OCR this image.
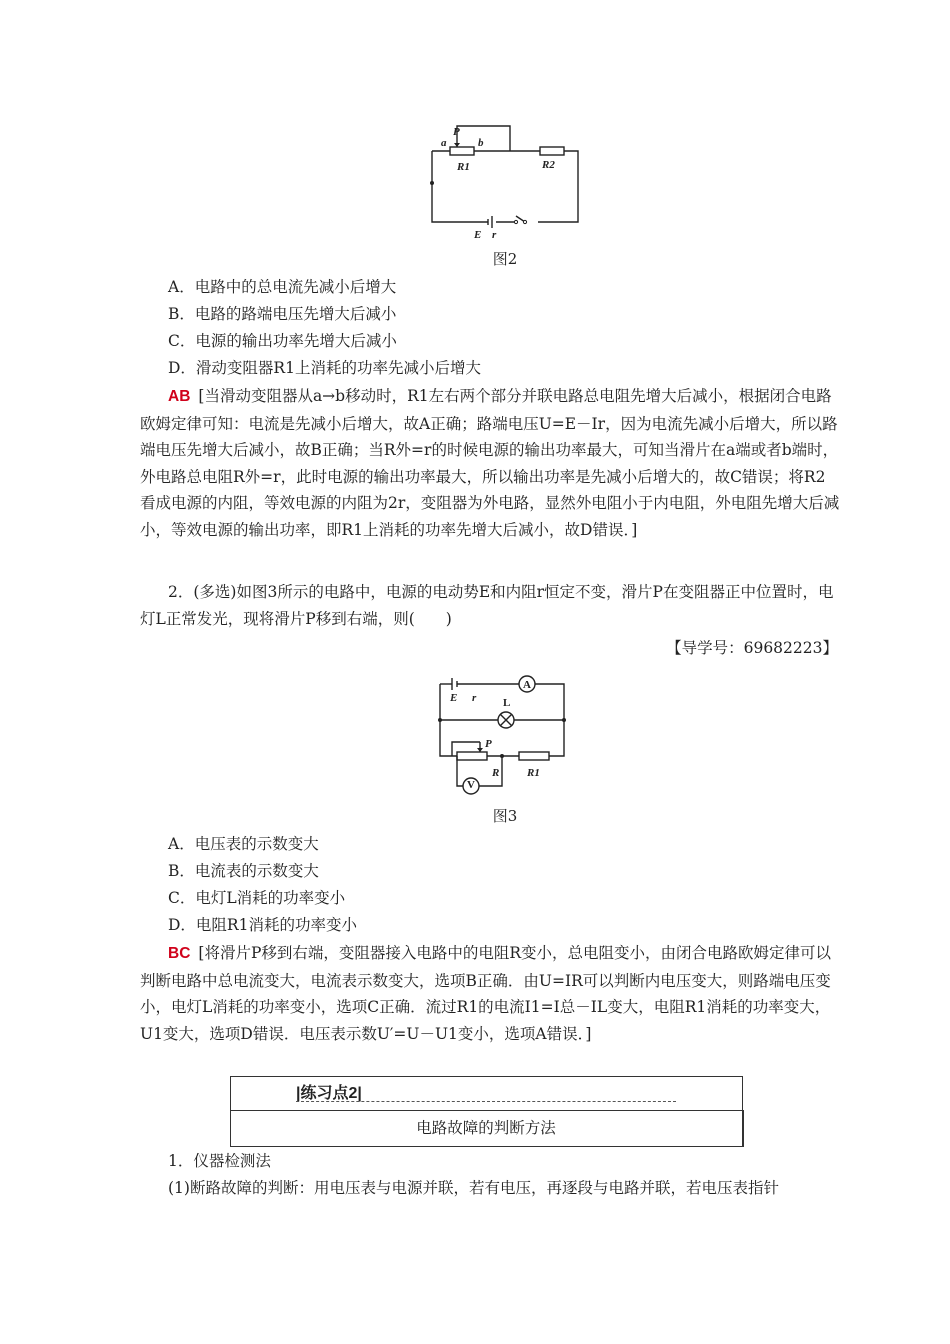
a
P
b
R1	R2
E r
图2
A．电路中的总电流先减小后增大
B．电路的路端电压先增大后减小
C．电源的输出功率先增大后减小
D．滑动变阻器R1上消耗的功率先减小后增大
AB [当滑动变阻器从a→b移动时，R1左右两个部分并联电路总电阻先增大后减小，根据闭合电路欧姆定律可知：电流是先减小后增大，故A正确；路端电压U=E－Ir，因为电流先减小后增大，所以路端电压先增大后减小，故B正确；当R外=r的时候电源的输出功率最大，可知当滑片在a端或者b端时，外电路总电阻R外=r，此时电源的输出功率最大，所以输出功率是先减小后增大的，故C错误；将R2看成电源的内阻，等效电源的内阻为2r，变阻器为外电路，显然外电阻小于内电阻，外电阻先增大后减小，等效电源的输出功率，即R1上消耗的功率先增大后减小，故D错误．]
2．(多选)如图3所示的电路中，电源的电动势E和内阻r恒定不变，滑片P在变阻器正中位置时，电灯L正常发光，现将滑片P移到右端，则(　　)
【导学号：69682223】
A
V
L
E r
P
R	R1
图3
A．电压表的示数变大
B．电流表的示数变大
C．电灯L消耗的功率变小
D．电阻R1消耗的功率变小
BC [将滑片P移到右端，变阻器接入电路中的电阻R变小，总电阻变小，由闭合电路欧姆定律可以判断电路中总电流变大，电流表示数变大，选项B正确．由U=IR可以判断内电压变大，则路端电压变小，电灯L消耗的功率变小，选项C正确．流过R1的电流I1=I总－IL变大，电阻R1消耗的功率变大，U1变大，选项D错误．电压表示数U′=U－U1变小，选项A错误．]
|练习点2|
电路故障的判断方法
1．仪器检测法
(1)断路故障的判断：用电压表与电源并联，若有电压，再逐段与电路并联，若电压表指针
